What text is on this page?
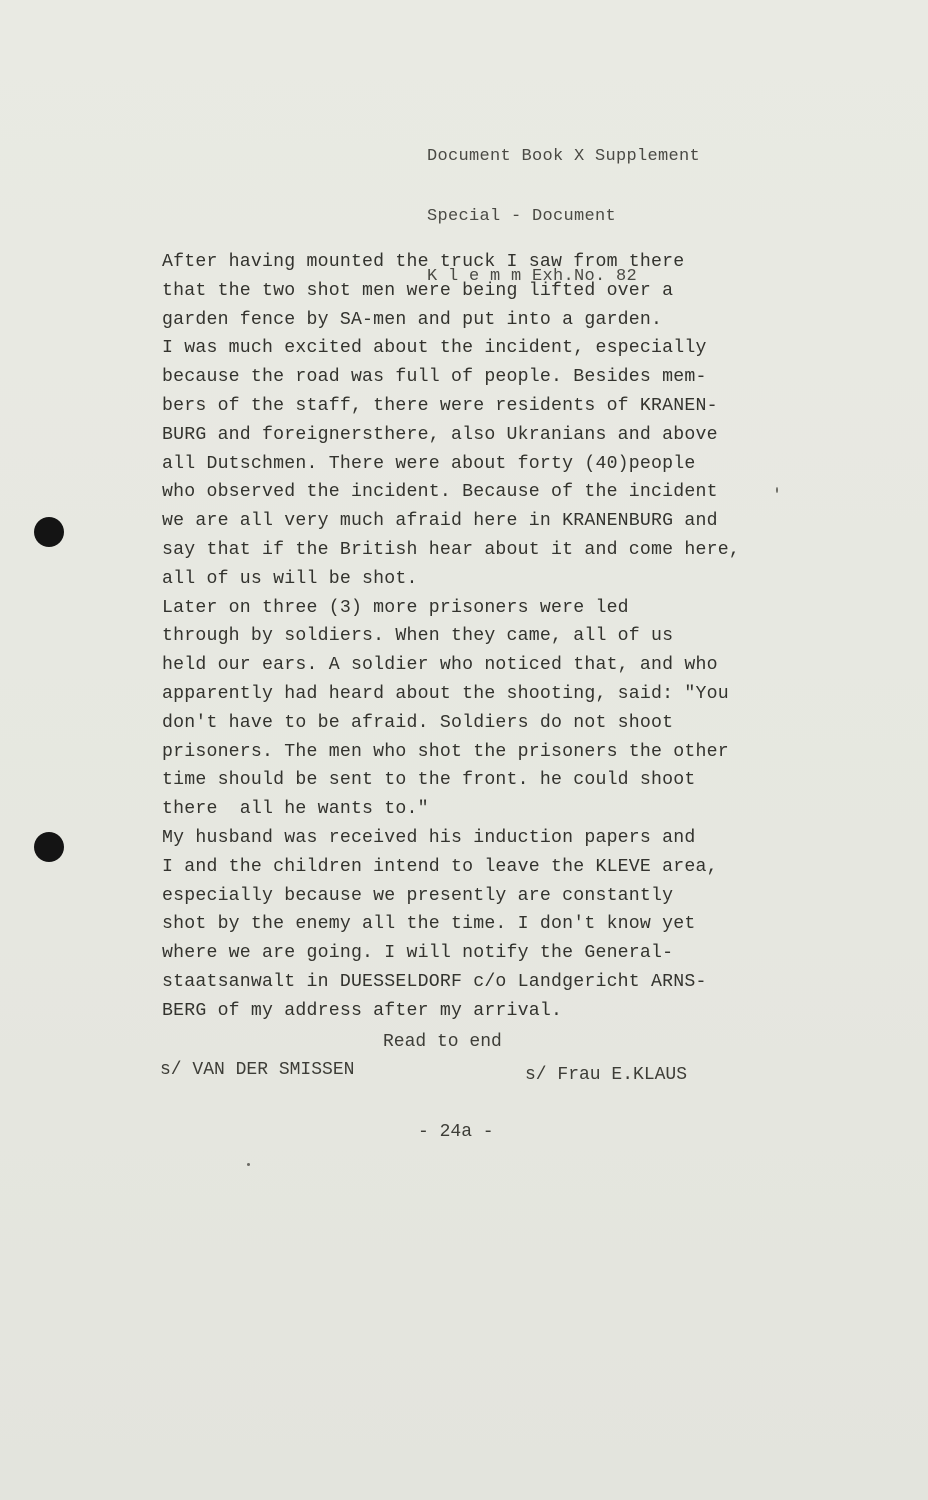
Document Book X Supplement

Special - Document

K l e m m Exh.No. 82

After having mounted the truck I saw from there
that the two shot men were being lifted over a
garden fence by SA-men and put into a garden.
I was much excited about the incident, especially
because the road was full of people. Besides mem-
bers of the staff, there were residents of KRANEN-
BURG and foreignersthere, also Ukranians and above
all Dutschmen. There were about forty (40)people
who observed the incident. Because of the incident
we are all very much afraid here in KRANENBURG and
say that if the British hear about it and come here,
all of us will be shot.
Later on three (3) more prisoners were led
through by soldiers. When they came, all of us
held our ears. A soldier who noticed that, and who
apparently had heard about the shooting, said: "You
don't have to be afraid. Soldiers do not shoot
prisoners. The men who shot the prisoners the other
time should be sent to the front. he could shoot
there  all he wants to."
My husband was received his induction papers and
I and the children intend to leave the KLEVE area,
especially because we presently are constantly
shot by the enemy all the time. I don't know yet
where we are going. I will notify the General-
staatsanwalt in DUESSELDORF c/o Landgericht ARNS-
BERG of my address after my arrival.
Read to end
s/ VAN DER SMISSEN	s/ Frau E.KLAUS
- 24a -
